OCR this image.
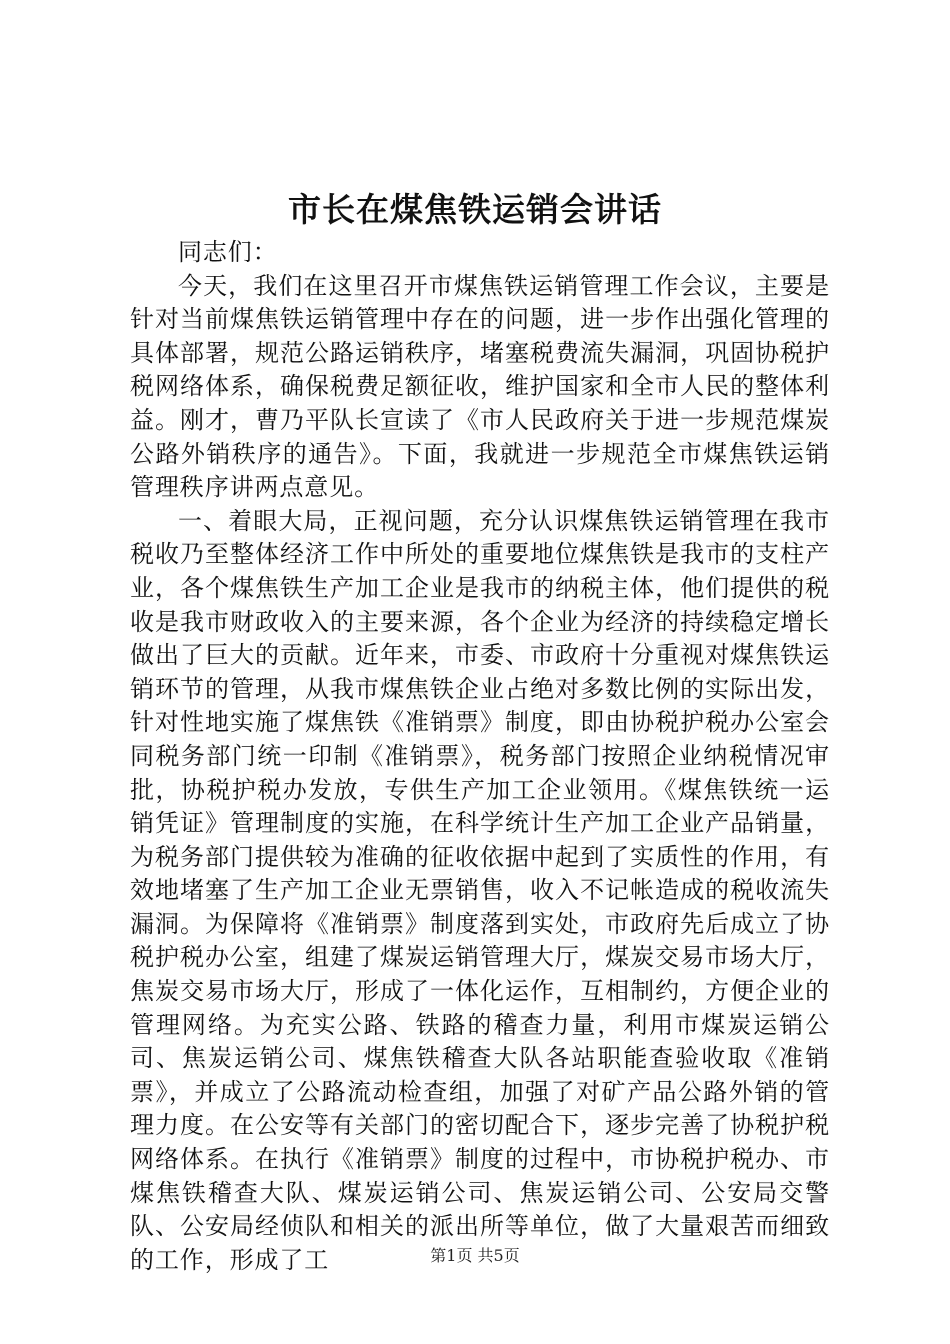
市长在煤焦铁运销会讲话

同志们：

今天，我们在这里召开市煤焦铁运销管理工作会议，主要是针对当前煤焦铁运销管理中存在的问题，进一步作出强化管理的具体部署，规范公路运销秩序，堵塞税费流失漏洞，巩固协税护税网络体系，确保税费足额征收，维护国家和全市人民的整体利益。刚才，曹乃平队长宣读了《市人民政府关于进一步规范煤炭公路外销秩序的通告》。下面，我就进一步规范全市煤焦铁运销管理秩序讲两点意见。

一、着眼大局，正视问题，充分认识煤焦铁运销管理在我市税收乃至整体经济工作中所处的重要地位煤焦铁是我市的支柱产业，各个煤焦铁生产加工企业是我市的纳税主体，他们提供的税收是我市财政收入的主要来源，各个企业为经济的持续稳定增长做出了巨大的贡献。近年来，市委、市政府十分重视对煤焦铁运销环节的管理，从我市煤焦铁企业占绝对多数比例的实际出发，针对性地实施了煤焦铁《准销票》制度，即由协税护税办公室会同税务部门统一印制《准销票》，税务部门按照企业纳税情况审批，协税护税办发放，专供生产加工企业领用。《煤焦铁统一运销凭证》管理制度的实施，在科学统计生产加工企业产品销量，为税务部门提供较为准确的征收依据中起到了实质性的作用，有效地堵塞了生产加工企业无票销售，收入不记帐造成的税收流失漏洞。为保障将《准销票》制度落到实处，市政府先后成立了协税护税办公室，组建了煤炭运销管理大厅，煤炭交易市场大厅，焦炭交易市场大厅，形成了一体化运作，互相制约，方便企业的管理网络。为充实公路、铁路的稽查力量，利用市煤炭运销公司、焦炭运销公司、煤焦铁稽查大队各站职能查验收取《准销票》，并成立了公路流动检查组，加强了对矿产品公路外销的管理力度。在公安等有关部门的密切配合下，逐步完善了协税护税网络体系。在执行《准销票》制度的过程中，市协税护税办、市煤焦铁稽查大队、煤炭运销公司、焦炭运销公司、公安局交警队、公安局经侦队和相关的派出所等单位，做了大量艰苦而细致的工作，形成了工	第1页 共5页
